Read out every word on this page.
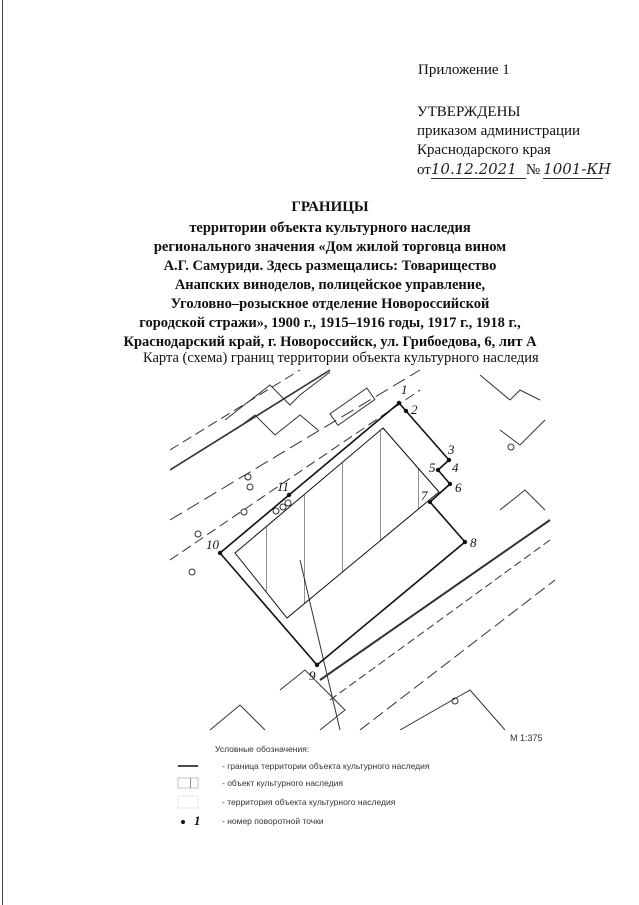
Приложение 1
УТВЕРЖДЕНЫ
приказом администрации
Краснодарского края
от10.12.2021 № 1001-КН
ГРАНИЦЫ
территории объекта культурного наследия
регионального значения «Дом жилой торговца вином
А.Г. Самуриди. Здесь размещались: Товарищество
Анапских виноделов, полицейское управление,
Уголовно–розыскное отделение Новороссийской
городской стражи», 1900 г., 1915–1916 годы, 1917 г., 1918 г.,
Краснодарский край, г. Новороссийск, ул. Грибоедова, 6, лит А
Карта (схема) границ территории объекта культурного наследия
1
2
3
4
5
6
7
8
9
10
11
М 1:375
Условные обозначения:
- граница территории объекта культурного наследия
- объект культурного наследия
- территория объекта культурного наследия
1	- номер поворотной точки
